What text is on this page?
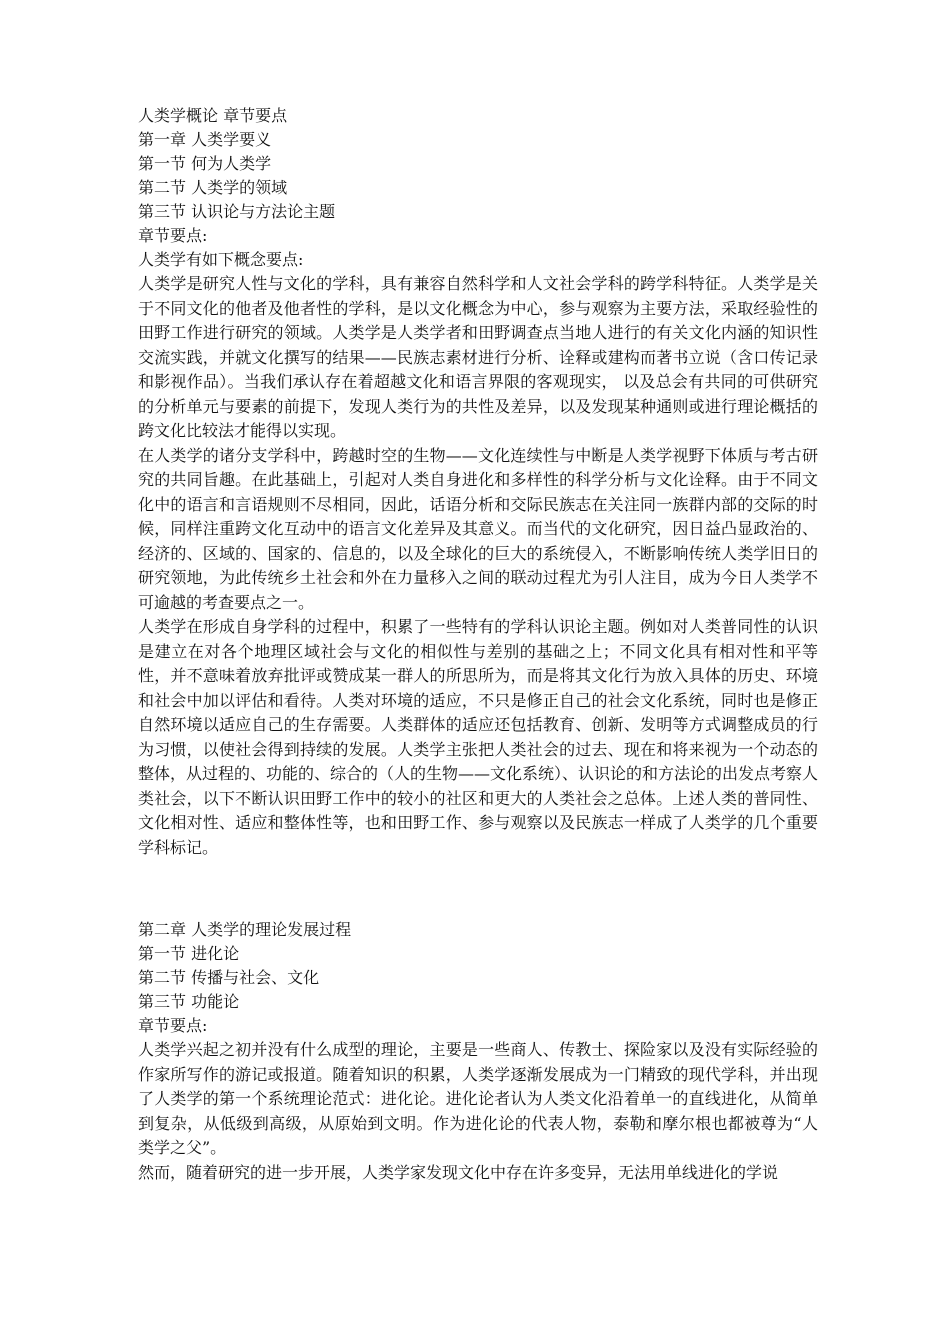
人类学概论 章节要点
第一章 人类学要义
第一节 何为人类学
第二节 人类学的领域
第三节 认识论与方法论主题
章节要点:
人类学有如下概念要点:

人类学是研究人性与文化的学科，具有兼容自然科学和人文社会学科的跨学科特征。人类学是关于不同文化的他者及他者性的学科，是以文化概念为中心，参与观察为主要方法，采取经验性的田野工作进行研究的领域。人类学是人类学者和田野调查点当地人进行的有关文化内涵的知识性交流实践，并就文化撰写的结果——民族志素材进行分析、诠释或建构而著书立说（含口传记录和影视作品）。当我们承认存在着超越文化和语言界限的客观现实， 以及总会有共同的可供研究的分析单元与要素的前提下，发现人类行为的共性及差异，以及发现某种通则或进行理论概括的跨文化比较法才能得以实现。

在人类学的诸分支学科中，跨越时空的生物——文化连续性与中断是人类学视野下体质与考古研究的共同旨趣。在此基础上，引起对人类自身进化和多样性的科学分析与文化诠释。由于不同文化中的语言和言语规则不尽相同，因此，话语分析和交际民族志在关注同一族群内部的交际的时候，同样注重跨文化互动中的语言文化差异及其意义。而当代的文化研究，因日益凸显政治的、经济的、区域的、国家的、信息的，以及全球化的巨大的系统侵入，不断影响传统人类学旧日的研究领地，为此传统乡土社会和外在力量移入之间的联动过程尤为引人注目，成为今日人类学不可逾越的考查要点之一。

人类学在形成自身学科的过程中，积累了一些特有的学科认识论主题。例如对人类普同性的认识是建立在对各个地理区域社会与文化的相似性与差别的基础之上；不同文化具有相对性和平等性，并不意味着放弃批评或赞成某一群人的所思所为，而是将其文化行为放入具体的历史、环境和社会中加以评估和看待。人类对环境的适应，不只是修正自己的社会文化系统，同时也是修正自然环境以适应自己的生存需要。人类群体的适应还包括教育、创新、发明等方式调整成员的行为习惯，以使社会得到持续的发展。人类学主张把人类社会的过去、现在和将来视为一个动态的整体，从过程的、功能的、综合的（人的生物——文化系统）、认识论的和方法论的出发点考察人类社会，以下不断认识田野工作中的较小的社区和更大的人类社会之总体。上述人类的普同性、文化相对性、适应和整体性等，也和田野工作、参与观察以及民族志一样成了人类学的几个重要学科标记。

第二章 人类学的理论发展过程
第一节 进化论
第二节 传播与社会、文化
第三节 功能论
章节要点:

人类学兴起之初并没有什么成型的理论，主要是一些商人、传教士、探险家以及没有实际经验的作家所写作的游记或报道。随着知识的积累，人类学逐渐发展成为一门精致的现代学科，并出现了人类学的第一个系统理论范式：进化论。进化论者认为人类文化沿着单一的直线进化，从简单到复杂，从低级到高级，从原始到文明。作为进化论的代表人物，泰勒和摩尔根也都被尊为“人类学之父”。

然而，随着研究的进一步开展，人类学家发现文化中存在许多变异，无法用单线进化的学说
